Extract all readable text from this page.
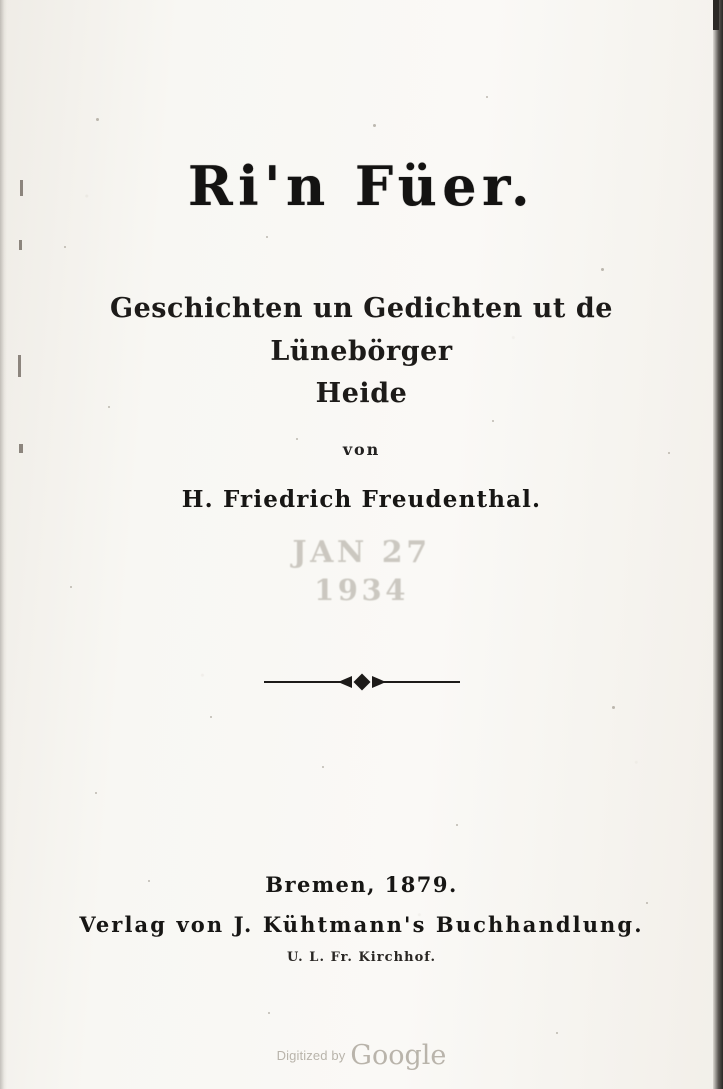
Ri'n Füer.
Geschichten un Gedichten ut de Lünebörger
Heide
von
H. Friedrich Freudenthal.
JAN 27
1934
Bremen, 1879.
Verlag von J. Kühtmann's Buchhandlung.
U. L. Fr. Kirchhof.
$^{Digitized by}$ Google
